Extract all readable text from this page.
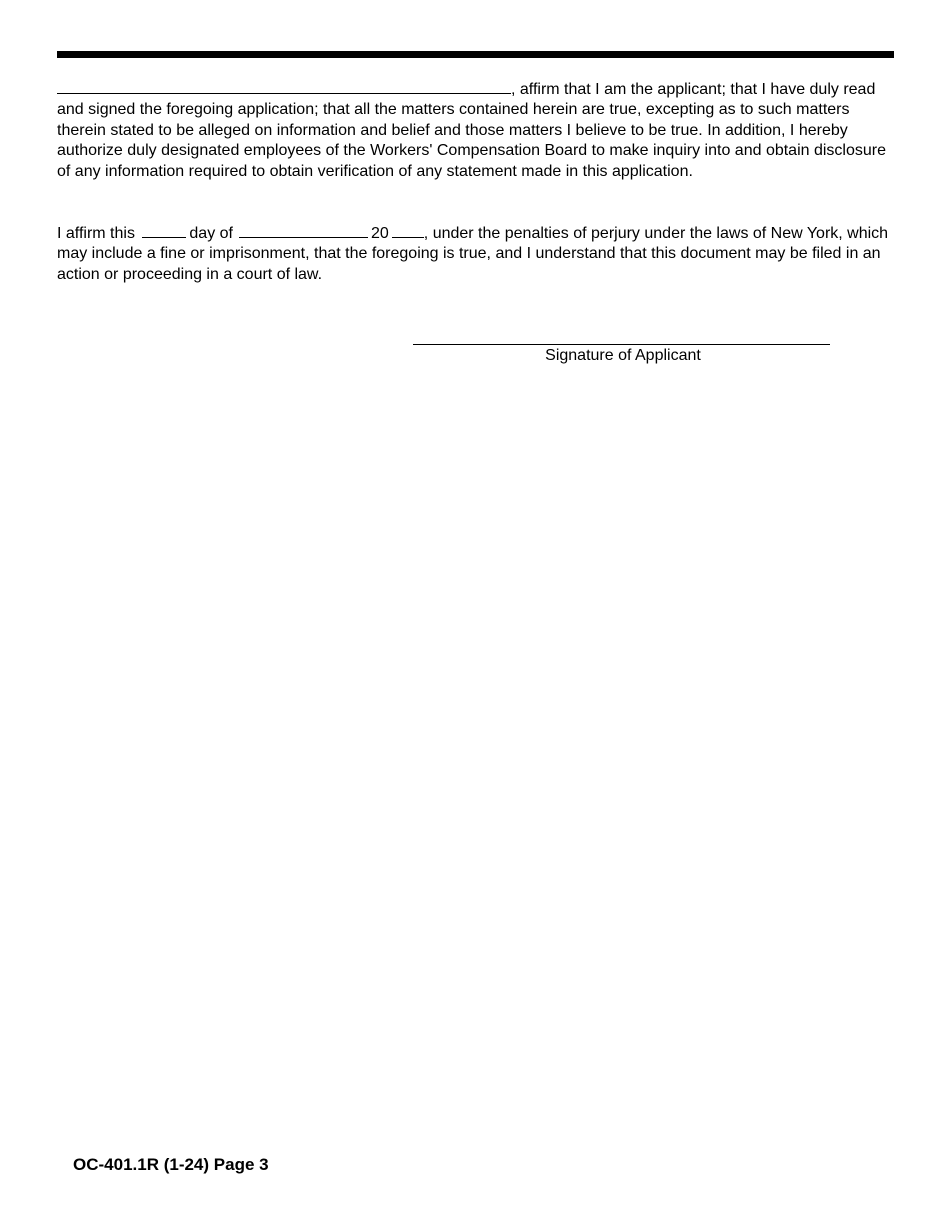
, affirm that I am the applicant; that I have duly read and signed the foregoing application; that all the matters contained herein are true, excepting as to such matters therein stated to be alleged on information and belief and those matters I believe to be true. In addition, I hereby authorize duly designated employees of the Workers' Compensation Board to make inquiry into and obtain disclosure of any information required to obtain verification of any statement made in this application.

I affirm this	day of	20 , under the penalties of perjury under the laws of New York, which may include a fine or imprisonment, that the foregoing is true, and I understand that this document may be filed in an action or proceeding in a court of law.

Signature of Applicant
OC-401.1R (1-24) Page 3
